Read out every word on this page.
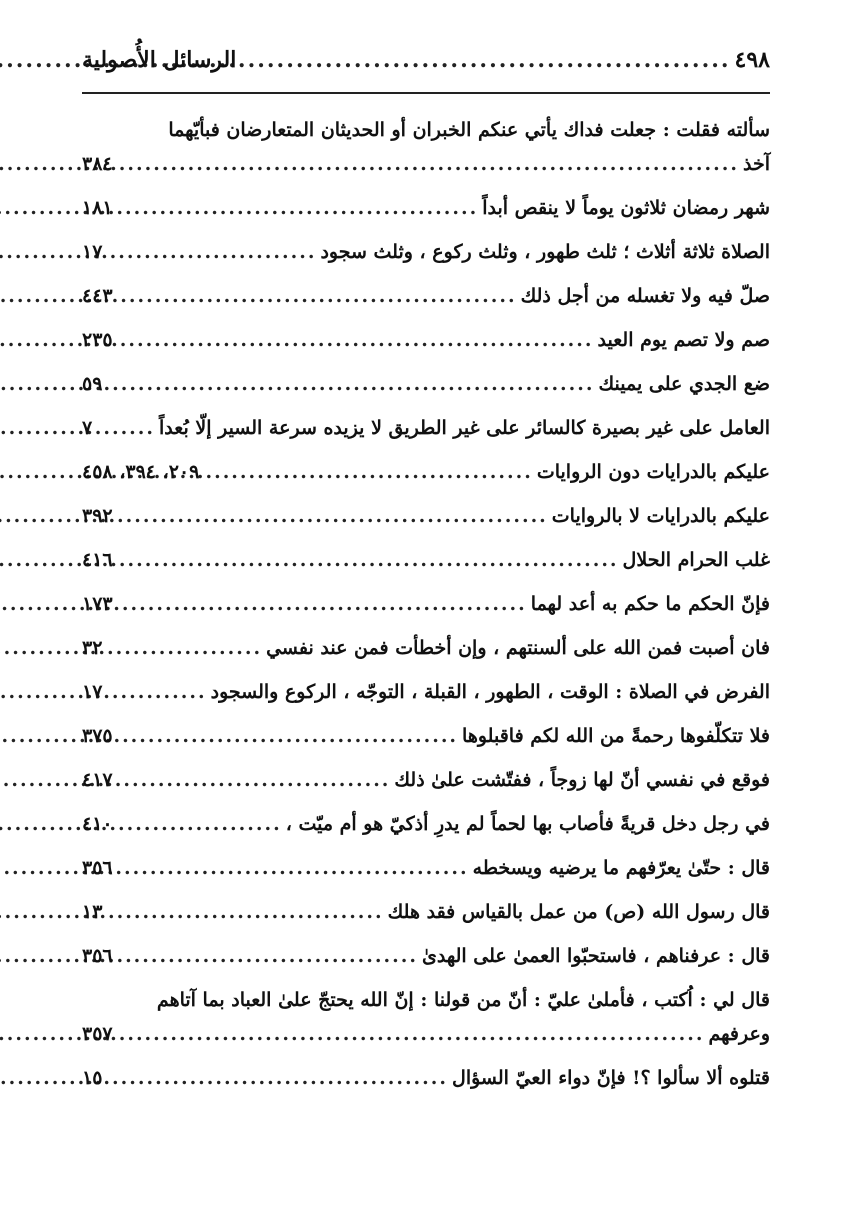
٤٩٨
.....
الرسائل الأُصولية
سألته فقلت : جعلت فداك يأتي عنكم الخبران أو الحديثان المتعارضان فبأيّهما
آخذ
.....
٣٨٤
شهر رمضان ثلاثون يوماً لا ينقص أبداً
.....
١٨١
الصلاة ثلاثة أثلاث ؛ ثلث طهور ، وثلث ركوع ، وثلث سجود
.....
١٧
صلّ فيه ولا تغسله من أجل ذلك
.....
٤٤٣
صم ولا تصم يوم العيد
.....
٢٣٥
ضع الجدي على يمينك
.....
٥٩
العامل على غير بصيرة كالسائر على غير الطريق لا يزيده سرعة السير إلّا بُعداً
.....
٧
عليكم بالدرايات دون الروايات
.....
٢٠٩، ٣٩٤، ٤٥٨
عليكم بالدرايات لا بالروايات
.....
٣٩٢
غلب الحرام الحلال
.....
٤١٦
فإنّ الحكم ما حكم به أعد لهما
.....
١٧٣
فان أصبت فمن الله على ألسنتهم ، وإن أخطأت فمن عند نفسي
.....
٣٢
الفرض في الصلاة : الوقت ، الطهور ، القبلة ، التوجّه ، الركوع والسجود
.....
١٧
فلا تتكلّفوها رحمةً من الله لكم فاقبلوها
.....
٣٧٥
فوقع في نفسي أنّ لها زوجاً ، ففتّشت علىٰ ذلك
.....
٤١٧
في رجل دخل قريةً فأصاب بها لحماً لم يدرِ أذكيّ هو أم ميّت ،
.....
٤١٠
قال : حتّىٰ يعرّفهم ما يرضيه ويسخطه
.....
٣٥٦
قال رسول الله (ص) من عمل بالقياس فقد هلك
.....
١٣
قال : عرفناهم ، فاستحبّوا العمىٰ على الهدىٰ
.....
٣٥٦
قال لي : اُكتب ، فأملىٰ عليّ : أنّ من قولنا : إنّ الله يحتجّ علىٰ العباد بما آتاهم
وعرفهم
.....
٣٥٧
قتلوه ألا سألوا ؟! فإنّ دواء العيّ السؤال
.....
١٥
